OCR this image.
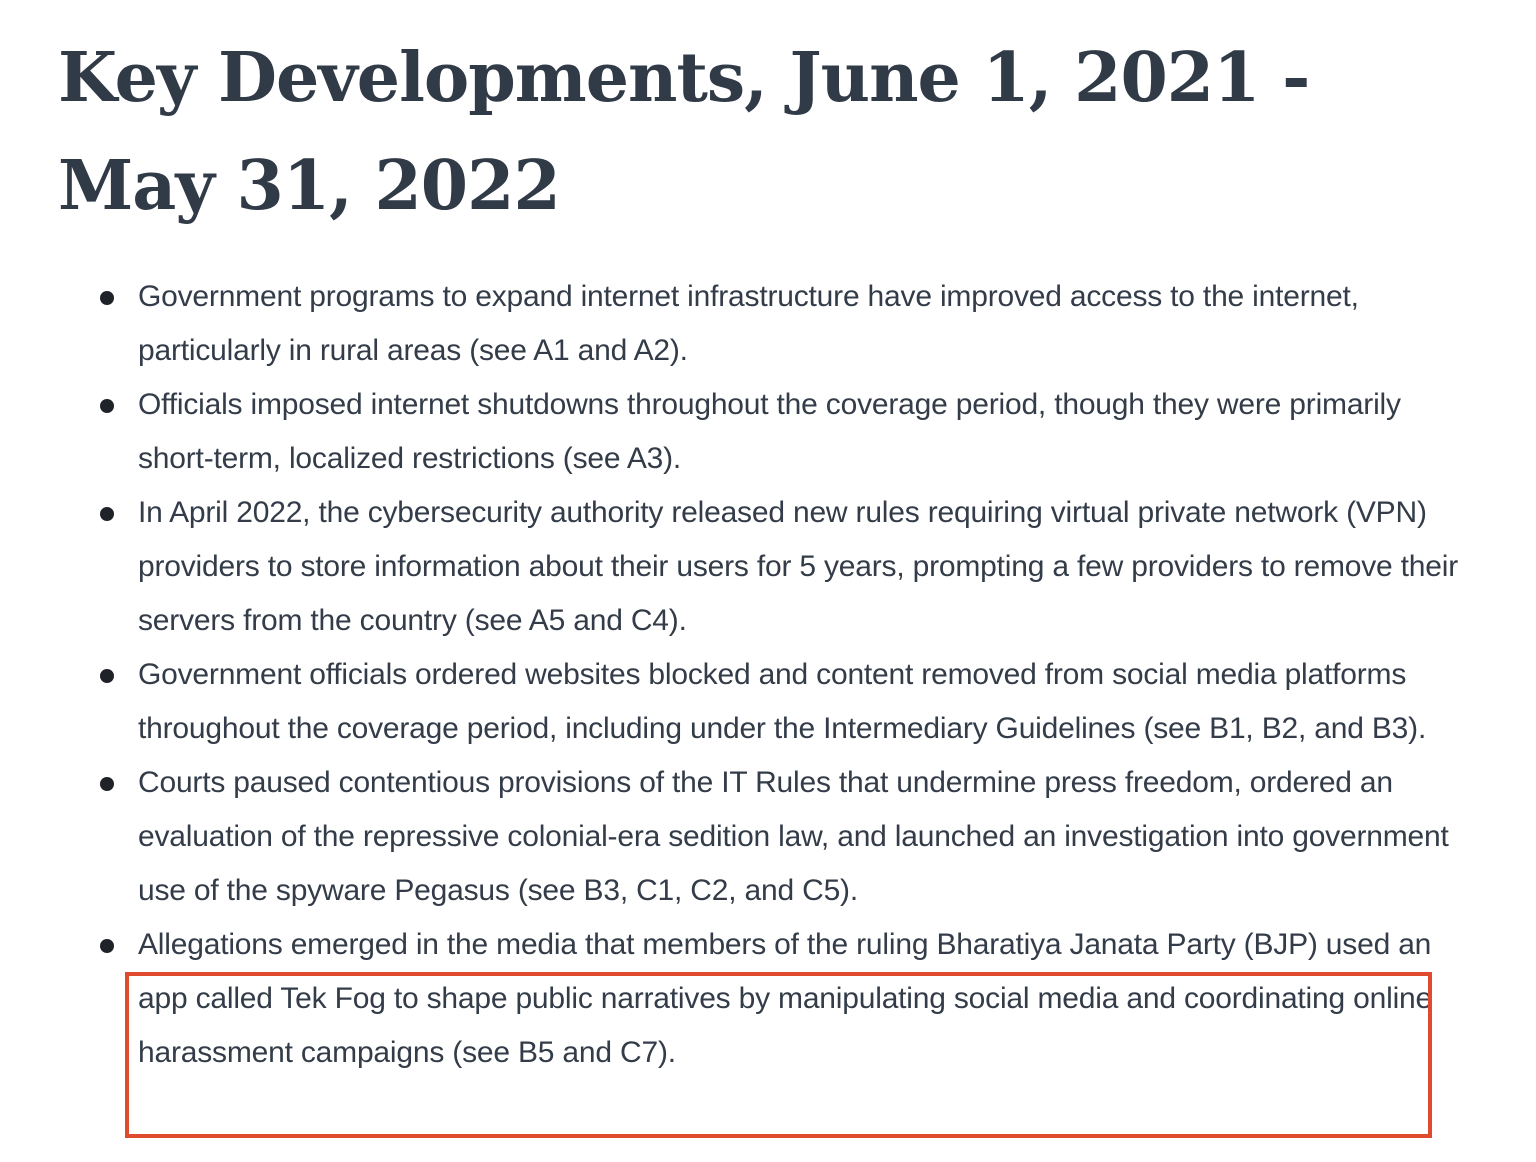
Key Developments, June 1, 2021 - May 31, 2022
Government programs to expand internet infrastructure have improved access to the internet, particularly in rural areas (see A1 and A2).
Officials imposed internet shutdowns throughout the coverage period, though they were primarily short-term, localized restrictions (see A3).
In April 2022, the cybersecurity authority released new rules requiring virtual private network (VPN) providers to store information about their users for 5 years, prompting a few providers to remove their servers from the country (see A5 and C4).
Government officials ordered websites blocked and content removed from social media platforms throughout the coverage period, including under the Intermediary Guidelines (see B1, B2, and B3).
Courts paused contentious provisions of the IT Rules that undermine press freedom, ordered an evaluation of the repressive colonial-era sedition law, and launched an investigation into government use of the spyware Pegasus (see B3, C1, C2, and C5).
Allegations emerged in the media that members of the ruling Bharatiya Janata Party (BJP) used an app called Tek Fog to shape public narratives by manipulating social media and coordinating online harassment campaigns (see B5 and C7).
